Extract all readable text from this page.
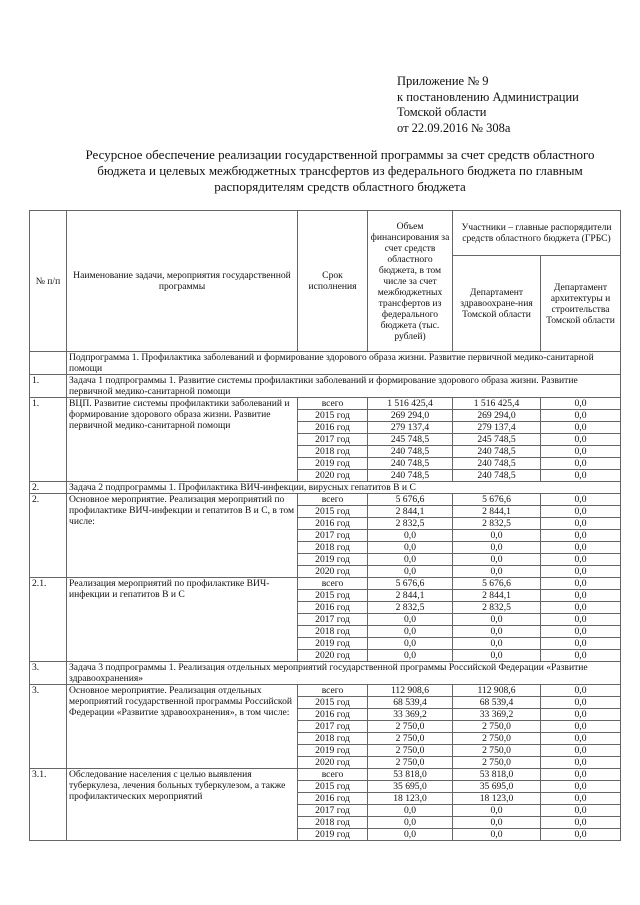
Приложение № 9
к постановлению Администрации
Томской области
от 22.09.2016 № 308а
Ресурсное обеспечение реализации государственной программы за счет средств областного бюджета и целевых межбюджетных трансфертов из федерального бюджета по главным распорядителям средств областного бюджета
№ п/п	Наименование задачи, мероприятия государственной программы	Срок исполнения	Объем финансирования за счет средств областного бюджета, в том числе за счет межбюджетных трансфертов из федерального бюджета (тыс. рублей)	Участники – главные распорядители средств областного бюджета (ГРБС)	
				Департамент здравоохране-ния Томской области	Департамент архитектуры и строительства Томской области
	Подпрограмма 1. Профилактика заболеваний и формирование здорового образа жизни. Развитие первичной медико-санитарной помощи				
1.	Задача 1 подпрограммы 1. Развитие системы профилактики заболеваний и формирование здорового образа жизни. Развитие первичной медико-санитарной помощи				
1.	ВЦП. Развитие системы профилактики заболеваний и формирование здорового образа жизни. Развитие первичной медико-санитарной помощи	всего	1 516 425,4	1 516 425,4	0,0
		2015 год	269 294,0	269 294,0	0,0
		2016 год	279 137,4	279 137,4	0,0
		2017 год	245 748,5	245 748,5	0,0
		2018 год	240 748,5	240 748,5	0,0
		2019 год	240 748,5	240 748,5	0,0
		2020 год	240 748,5	240 748,5	0,0
2.	Задача 2 подпрограммы 1. Профилактика ВИЧ-инфекции, вирусных гепатитов В и С				
2.	Основное мероприятие. Реализация мероприятий по профилактике ВИЧ-инфекции и гепатитов В и С, в том числе:	всего	5 676,6	5 676,6	0,0
		2015 год	2 844,1	2 844,1	0,0
		2016 год	2 832,5	2 832,5	0,0
		2017 год	0,0	0,0	0,0
		2018 год	0,0	0,0	0,0
		2019 год	0,0	0,0	0,0
		2020 год	0,0	0,0	0,0
2.1.	Реализация мероприятий по профилактике ВИЧ-инфекции и гепатитов В и С	всего	5 676,6	5 676,6	0,0
		2015 год	2 844,1	2 844,1	0,0
		2016 год	2 832,5	2 832,5	0,0
		2017 год	0,0	0,0	0,0
		2018 год	0,0	0,0	0,0
		2019 год	0,0	0,0	0,0
		2020 год	0,0	0,0	0,0
3.	Задача 3 подпрограммы 1. Реализация отдельных мероприятий государственной программы Российской Федерации «Развитие здравоохранения»				
3.	Основное мероприятие. Реализация отдельных мероприятий государственной программы Российской Федерации «Развитие здравоохранения», в том числе:	всего	112 908,6	112 908,6	0,0
		2015 год	68 539,4	68 539,4	0,0
		2016 год	33 369,2	33 369,2	0,0
		2017 год	2 750,0	2 750,0	0,0
		2018 год	2 750,0	2 750,0	0,0
		2019 год	2 750,0	2 750,0	0,0
		2020 год	2 750,0	2 750,0	0,0
3.1.	Обследование населения с целью выявления туберкулеза, лечения больных туберкулезом, а также профилактических мероприятий	всего	53 818,0	53 818,0	0,0
		2015 год	35 695,0	35 695,0	0,0
		2016 год	18 123,0	18 123,0	0,0
		2017 год	0,0	0,0	0,0
		2018 год	0,0	0,0	0,0
		2019 год	0,0	0,0	0,0
